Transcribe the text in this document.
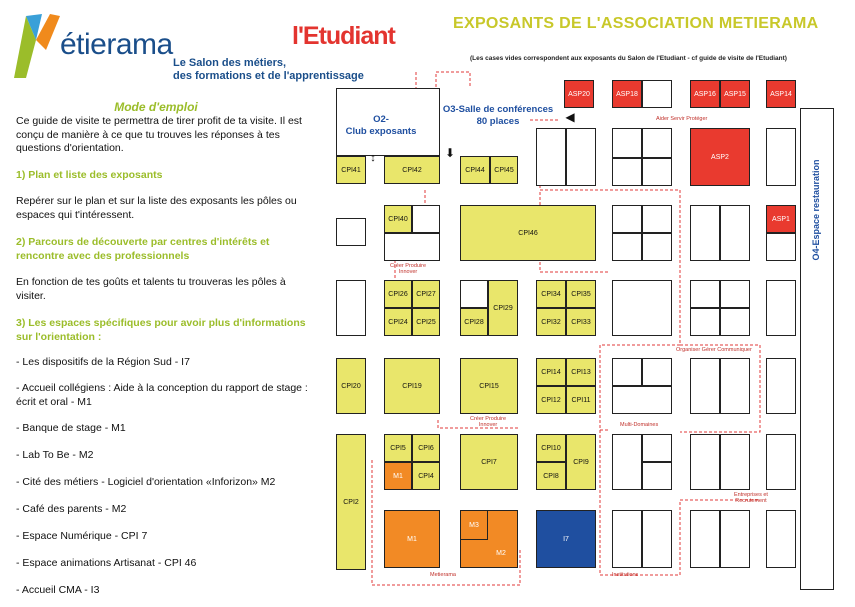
étierama
Le Salon des métiers,
des formations et de l'apprentissage
l'Etudiant
Mode d'emploi
Ce guide de visite te permettra de tirer profit de ta visite. Il est conçu de manière à ce que tu trouves les réponses à tes questions d'orientation.
1) Plan et liste des exposants
Repérer sur le plan et sur la liste des exposants les pôles ou espaces qui t'intéressent.
2) Parcours de découverte par centres d'intérêts et rencontre avec des professionnels
En fonction de tes goûts et talents tu trouveras les pôles à visiter.
3) Les espaces spécifiques pour avoir plus d'informations sur l'orientation :
- Les dispositifs de la Région Sud - I7
- Accueil collégiens : Aide à la conception du rapport de stage : écrit et oral - M1
- Banque de stage - M1
- Lab To Be - M2
- Cité des métiers - Logiciel d'orientation «Inforizon» M2
- Café des parents - M2
- Espace Numérique - CPI 7
- Espace animations Artisanat - CPI 46
- Accueil CMA - I3
EXPOSANTS DE L'ASSOCIATION METIERAMA
(Les cases vides correspondent aux exposants du Salon de l'Etudiant - cf guide de visite de l'Etudiant)
O2-
Club exposants
O3-Salle de conférences
80 places
O4-Espace restauration
↕	⬇
◀
ASP20	ASP18	ASP16	ASP15	ASP14
CPI41	CPI42	CPI44	CPI45
ASP2
CPI40
CPI46
ASP1
CPI26	CPI27
CPI24	CPI25
CPI29
CPI28
CPI34	CPI35
CPI32	CPI33
CPI20	CPI19	CPI15
CPI14	CPI13
CPI12	CPI11
CPI2
CPI5	CPI6
M1	CPI4
CPI7
CPI10
CPI9
CPI8
M1
M2
M3
I7
Aider Servir Protéger
Créer Produire
Innover
Créer Produire
Innover
Organiser Gérer Communiquer
Multi-Domaines
Entreprises et
Recrutement
Metierama	Institutions
